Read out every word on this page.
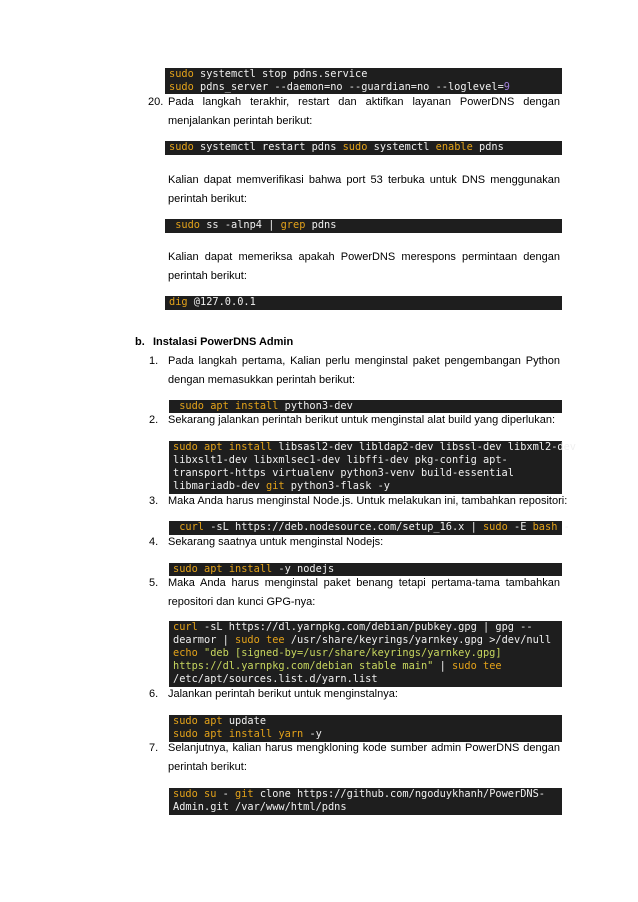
sudo systemctl stop pdns.service
sudo pdns_server --daemon=no --guardian=no --loglevel=9
20. Pada langkah terakhir, restart dan aktifkan layanan PowerDNS dengan
menjalankan perintah berikut:
sudo systemctl restart pdns sudo systemctl enable pdns
Kalian dapat memverifikasi bahwa port 53 terbuka untuk DNS menggunakan
perintah berikut:
sudo ss -alnp4 | grep pdns
Kalian dapat memeriksa apakah PowerDNS merespons permintaan dengan
perintah berikut:
dig @127.0.0.1
b. Instalasi PowerDNS Admin
1. Pada langkah pertama, Kalian perlu menginstal paket pengembangan Python
dengan memasukkan perintah berikut:
sudo apt install python3-dev
2. Sekarang jalankan perintah berikut untuk menginstal alat build yang diperlukan:
sudo apt install libsasl2-dev libldap2-dev libssl-dev libxml2-dev
libxslt1-dev libxmlsec1-dev libffi-dev pkg-config apt-
transport-https virtualenv python3-venv build-essential
libmariadb-dev git python3-flask -y
3. Maka Anda harus menginstal Node.js. Untuk melakukan ini, tambahkan repositori:
curl -sL https://deb.nodesource.com/setup_16.x | sudo -E bash -
4. Sekarang saatnya untuk menginstal Nodejs:
sudo apt install -y nodejs
5. Maka Anda harus menginstal paket benang tetapi pertama-tama tambahkan
repositori dan kunci GPG-nya:
curl -sL https://dl.yarnpkg.com/debian/pubkey.gpg | gpg --
dearmor | sudo tee /usr/share/keyrings/yarnkey.gpg >/dev/null
echo "deb [signed-by=/usr/share/keyrings/yarnkey.gpg]
https://dl.yarnpkg.com/debian stable main" | sudo tee
/etc/apt/sources.list.d/yarn.list
6. Jalankan perintah berikut untuk menginstalnya:
sudo apt update
sudo apt install yarn -y
7. Selanjutnya, kalian harus mengkloning kode sumber admin PowerDNS dengan
perintah berikut:
sudo su - git clone https://github.com/ngoduykhanh/PowerDNS-
Admin.git /var/www/html/pdns
